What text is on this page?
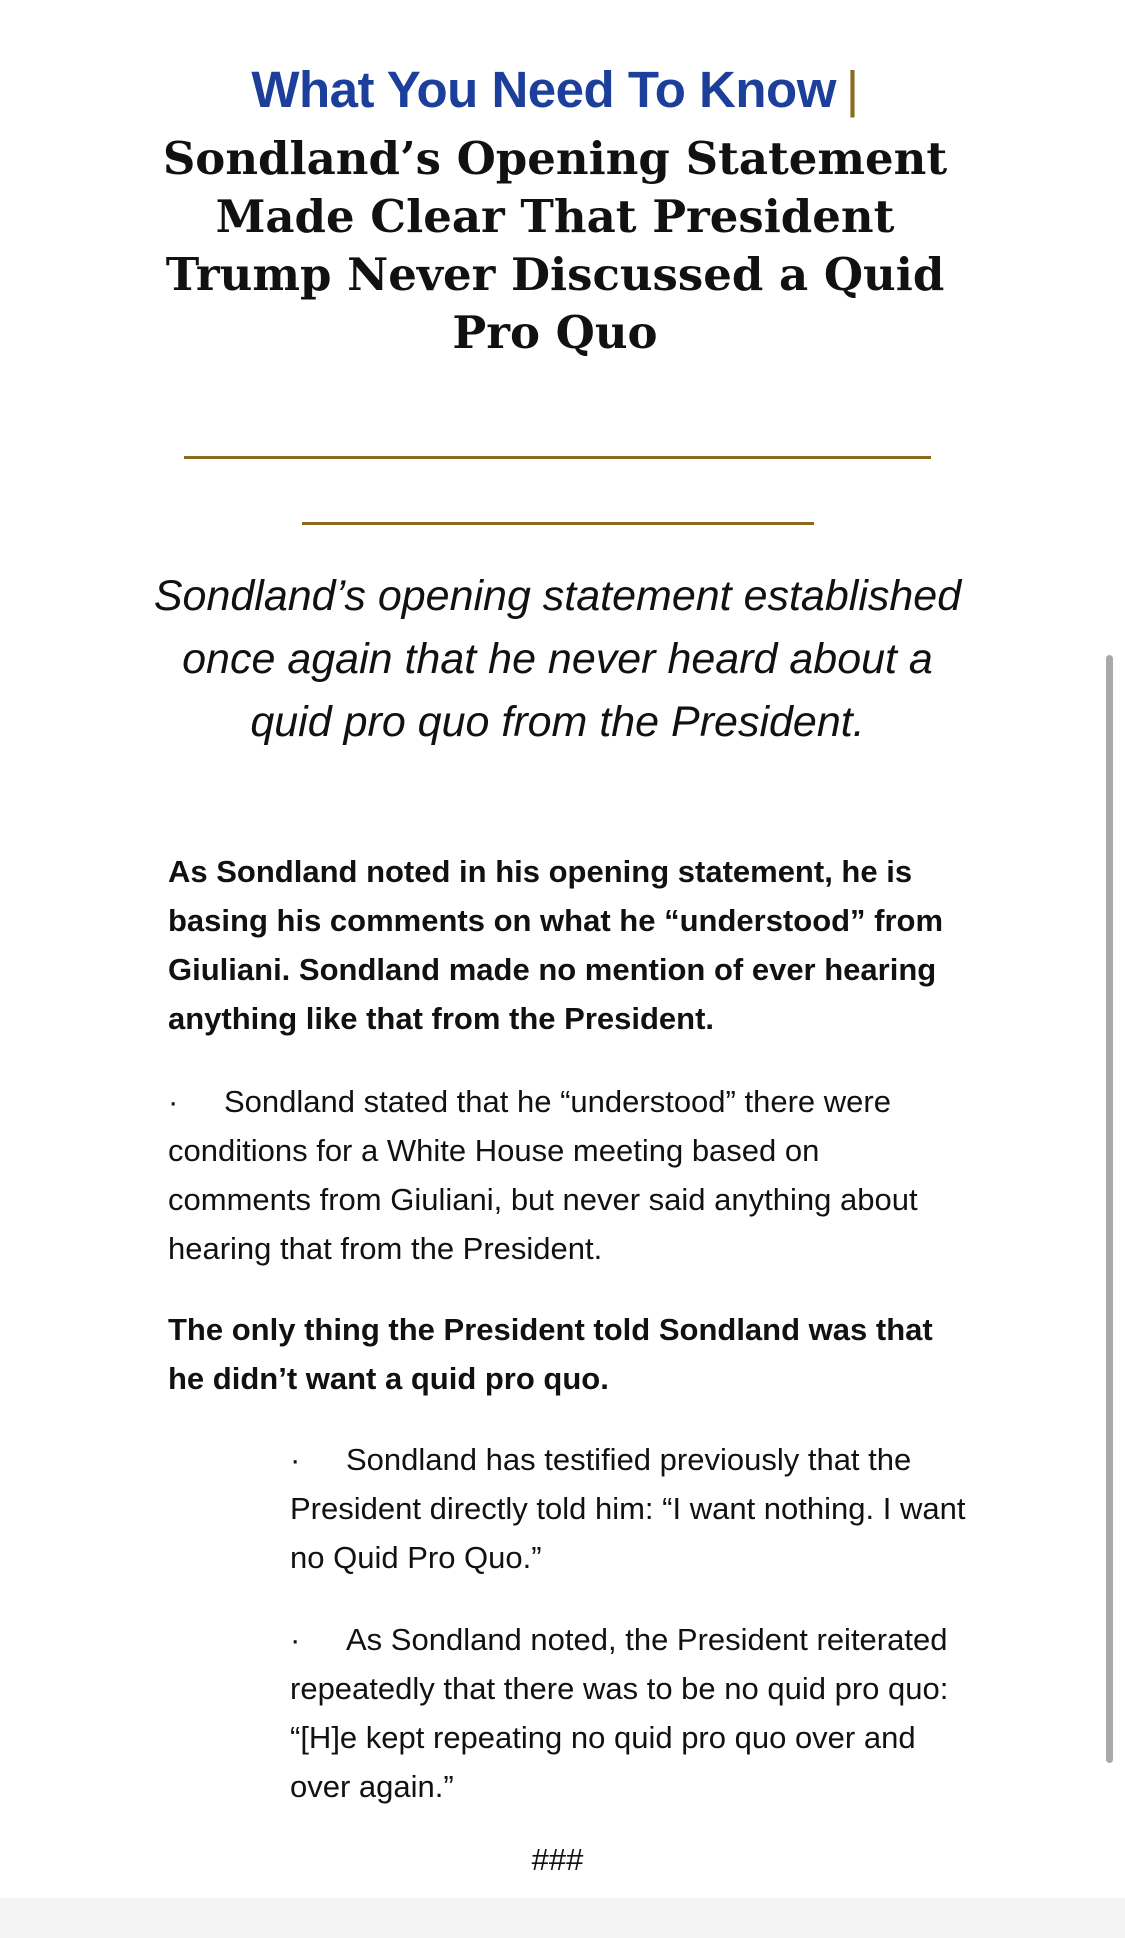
What You Need To Know |
Sondland’s Opening Statement Made Clear That President Trump Never Discussed a Quid Pro Quo
Sondland’s opening statement established once again that he never heard about a quid pro quo from the President.

As Sondland noted in his opening statement, he is basing his comments on what he “understood” from Giuliani. Sondland made no mention of ever hearing anything like that from the President.

· Sondland stated that he “understood” there were conditions for a White House meeting based on comments from Giuliani, but never said anything about hearing that from the President.

The only thing the President told Sondland was that he didn’t want a quid pro quo.

· Sondland has testified previously that the President directly told him: “I want nothing. I want no Quid Pro Quo.”

· As Sondland noted, the President reiterated repeatedly that there was to be no quid pro quo: “[H]e kept repeating no quid pro quo over and over again.”

###
